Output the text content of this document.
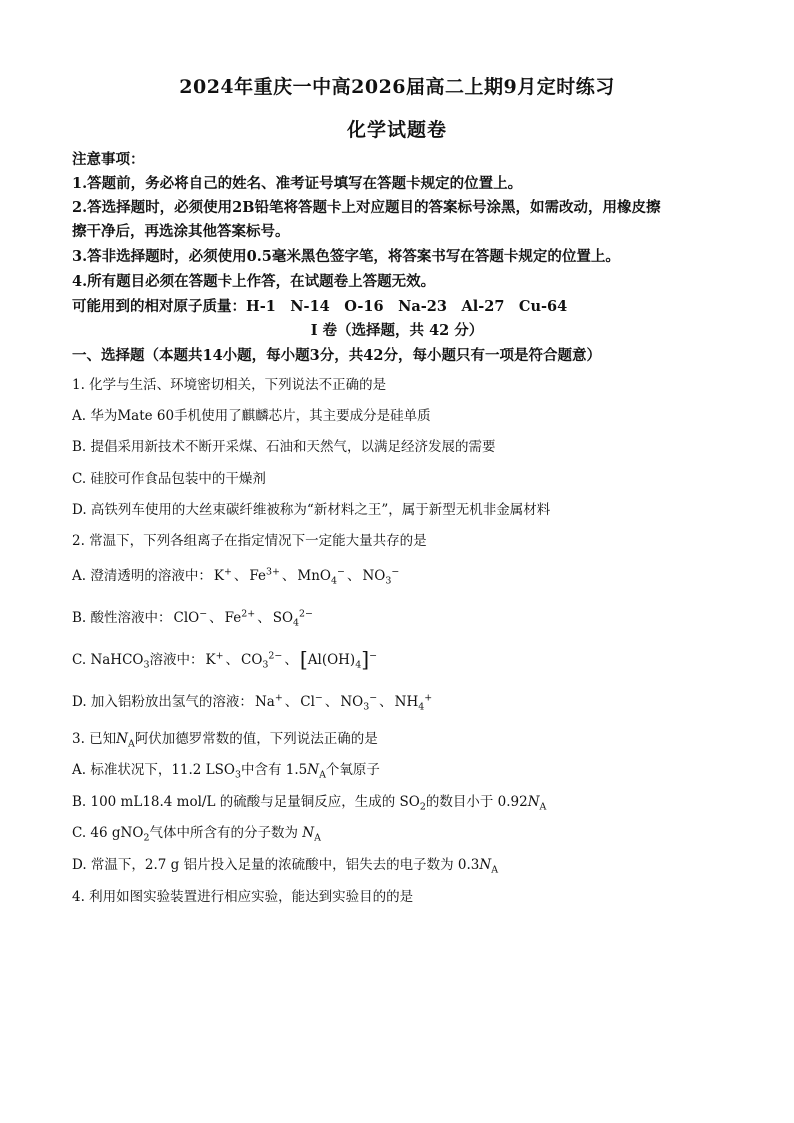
2024年重庆一中高2026届高二上期9月定时练习
化学试题卷
注意事项：
1.答题前，务必将自己的姓名、准考证号填写在答题卡规定的位置上。
2.答选择题时，必须使用2B铅笔将答题卡上对应题目的答案标号涂黑，如需改动，用橡皮擦
擦干净后，再选涂其他答案标号。
3.答非选择题时，必须使用0.5毫米黑色签字笔，将答案书写在答题卡规定的位置上。
4.所有题目必须在答题卡上作答，在试题卷上答题无效。
可能用到的相对原子质量：H-1　N-14　O-16　Na-23　Al-27　Cu-64
I 卷（选择题，共 42 分）
一、选择题（本题共14小题，每小题3分，共42分，每小题只有一项是符合题意）
1. 化学与生活、环境密切相关，下列说法不正确的是
A. 华为Mate 60手机使用了麒麟芯片，其主要成分是硅单质
B. 提倡采用新技术不断开采煤、石油和天然气，以满足经济发展的需要
C. 硅胶可作食品包装中的干燥剂
D. 高铁列车使用的大丝束碳纤维被称为“新材料之王”，属于新型无机非金属材料
2. 常温下，下列各组离子在指定情况下一定能大量共存的是
A. 澄清透明的溶液中： K+ 、 $Fe^{3+}$ 、 MnO$_4$− 、 $NO_3^-$
B. 酸性溶液中： ClO− 、 $Fe^{2+}$ 、 $SO_4^{2-}$
C. NaHCO$_3$溶液中： K+ 、 $CO_3^{2-}$ 、$[Al(OH)_4]^-$
D. 加入铝粉放出氢气的溶液： Na+ 、 Cl− 、 $NO_3^-$ 、 $NH_4^+$
3. 已知$N_A$阿伏加德罗常数的值，下列说法正确的是
A. 标准状况下，11.2 $LSO_3$中含有 $1.5N_A$个氧原子
B. 100 mL18.4 mol/L 的硫酸与足量铜反应，生成的 $SO_2$的数目小于 $0.92N_A$
C. 46 gNO$_2$气体中所含有的分子数为 $N_A$
D. 常温下，2.7 g 铝片投入足量的浓硫酸中，铝失去的电子数为 $0.3N_A$
4. 利用如图实验装置进行相应实验，能达到实验目的的是
